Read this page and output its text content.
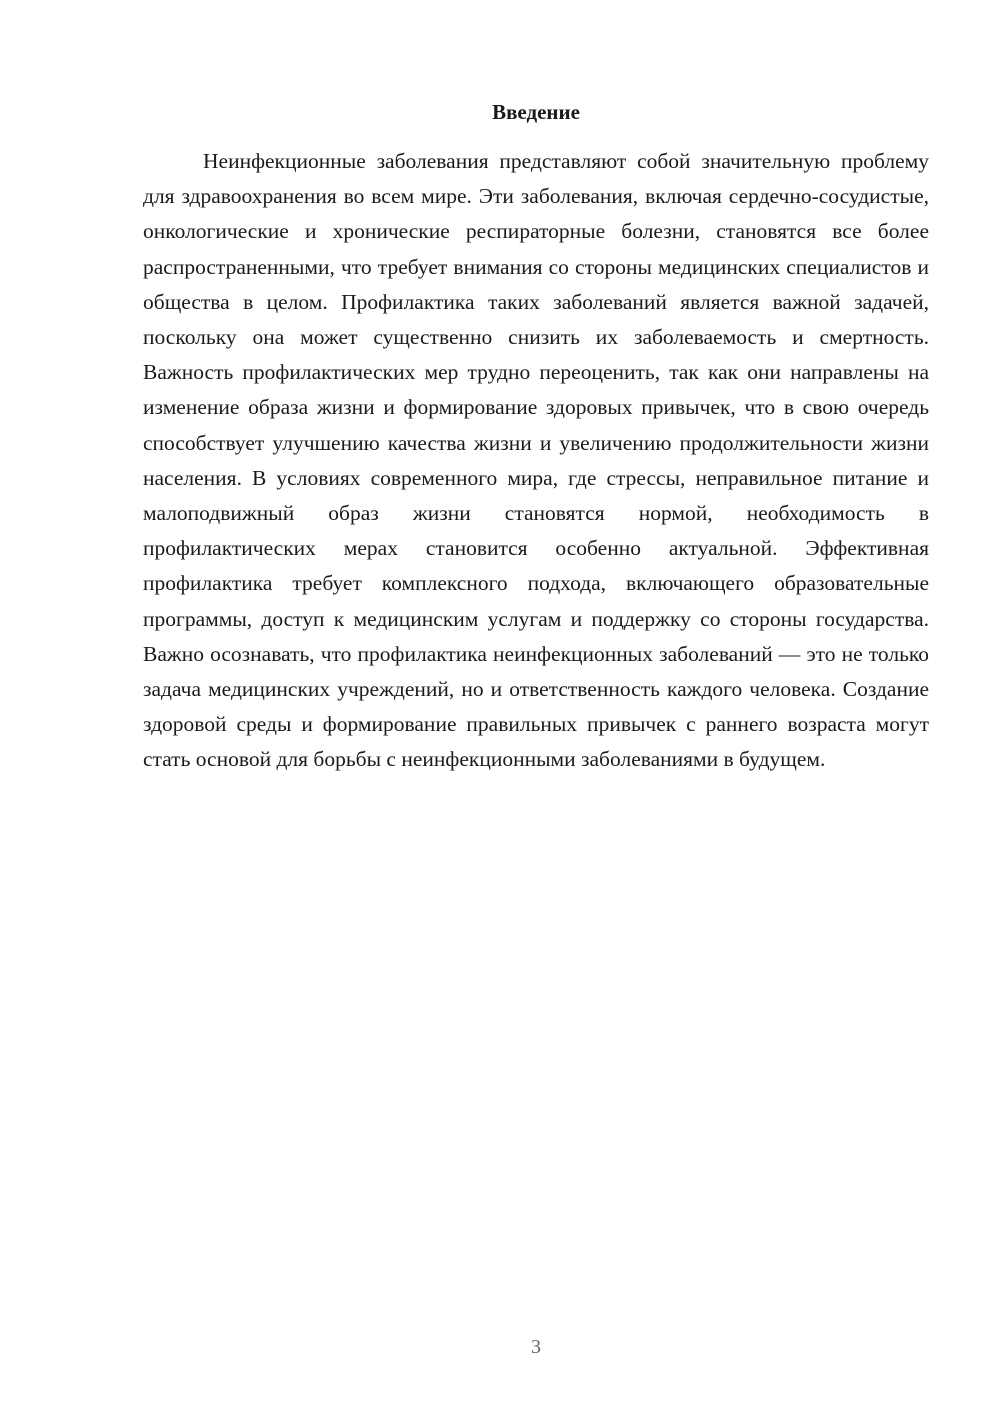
Введение

Неинфекционные заболевания представляют собой значительную проблему для здравоохранения во всем мире. Эти заболевания, включая сердечно-сосудистые, онкологические и хронические респираторные болезни, становятся все более распространенными, что требует внимания со стороны медицинских специалистов и общества в целом. Профилактика таких заболеваний является важной задачей, поскольку она может существенно снизить их заболеваемость и смертность. Важность профилактических мер трудно переоценить, так как они направлены на изменение образа жизни и формирование здоровых привычек, что в свою очередь способствует улучшению качества жизни и увеличению продолжительности жизни населения. В условиях современного мира, где стрессы, неправильное питание и малоподвижный образ жизни становятся нормой, необходимость в профилактических мерах становится особенно актуальной. Эффективная профилактика требует комплексного подхода, включающего образовательные программы, доступ к медицинским услугам и поддержку со стороны государства. Важно осознавать, что профилактика неинфекционных заболеваний — это не только задача медицинских учреждений, но и ответственность каждого человека. Создание здоровой среды и формирование правильных привычек с раннего возраста могут стать основой для борьбы с неинфекционными заболеваниями в будущем.

3
